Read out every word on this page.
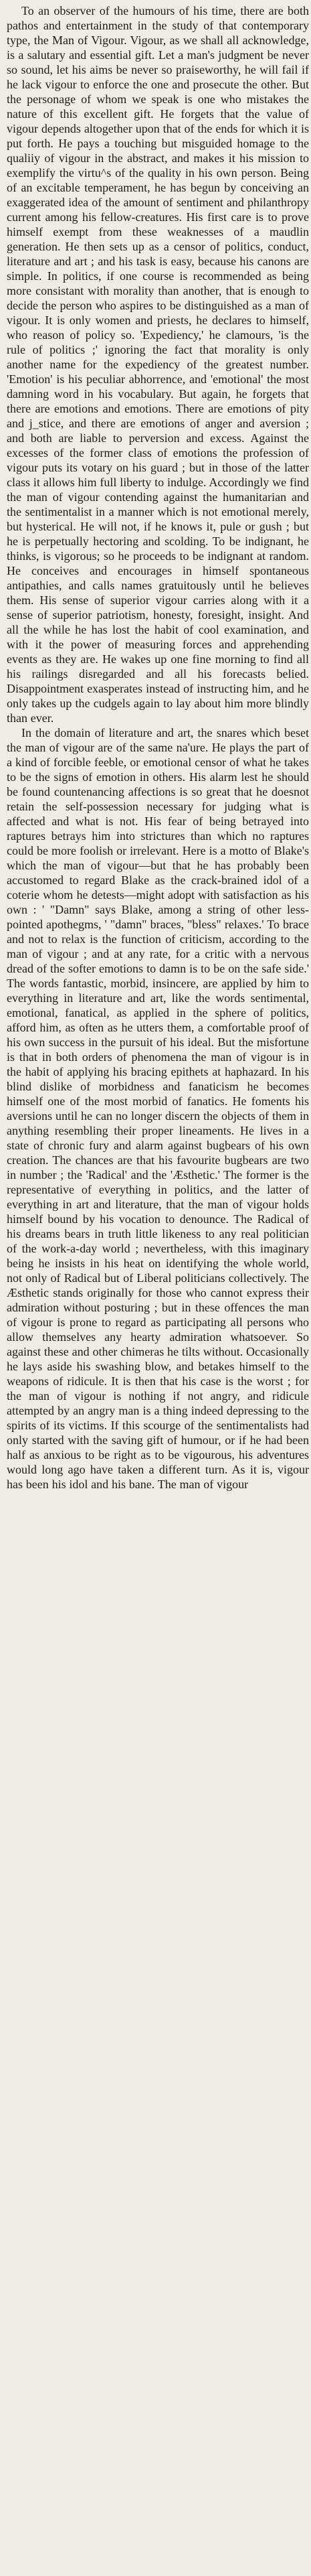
To an observer of the humours of his time, there are both pathos and entertainment in the study of that contemporary type, the Man of Vigour. Vigour, as we shall all acknowledge, is a salutary and essential gift. Let a man's judgment be never so sound, let his aims be never so praiseworthy, he will fail if he lack vigour to enforce the one and prosecute the other. But the personage of whom we speak is one who mistakes the nature of this excellent gift. He forgets that the value of vigour depends altogether upon that of the ends for which it is put forth. He pays a touching but misguided homage to the qualiiy of vigour in the abstract, and makes it his mission to exemplify the virtu^s of the quality in his own person. Being of an excitable temperament, he has begun by conceiving an exaggerated idea of the amount of sentiment and philanthropy current among his fellow-creatures. His first care is to prove himself exempt from these weaknesses of a maudlin generation. He then sets up as a censor of politics, conduct, literature and art ; and his task is easy, because his canons are simple. In politics, if one course is recommended as being more consistant with morality than another, that is enough to decide the person who aspires to be distinguished as a man of vigour. It is only women and priests, he declares to himself, who reason of policy so. 'Expediency,' he clamours, 'is the rule of politics ;' ignoring the fact that morality is only another name for the expediency of the greatest number. 'Emotion' is his peculiar abhorrence, and 'emotional' the most damning word in his vocabulary. But again, he forgets that there are emotions and emotions. There are emotions of pity and j_stice, and there are emotions of anger and aversion ; and both are liable to perversion and excess. Against the excesses of the former class of emotions the profession of vigour puts its votary on his guard ; but in those of the latter class it allows him full liberty to indulge. Accordingly we find the man of vigour contending against the humanitarian and the sentimentalist in a manner which is not emotional merely, but hysterical. He will not, if he knows it, pule or gush ; but he is perpetually hectoring and scolding. To be indignant, he thinks, is vigorous; so he proceeds to be indignant at random. He conceives and encourages in himself spontaneous antipathies, and calls names gratuitously until he believes them. His sense of superior vigour carries along with it a sense of superior patriotism, honesty, foresight, insight. And all the while he has lost the habit of cool examination, and with it the power of measuring forces and apprehending events as they are. He wakes up one fine morning to find all his railings disregarded and all his forecasts belied. Disappointment exasperates instead of instructing him, and he only takes up the cudgels again to lay about him more blindly than ever.

In the domain of literature and art, the snares which beset the man of vigour are of the same na'ure. He plays the part of a kind of forcible feeble, or emotional censor of what he takes to be the signs of emotion in others. His alarm lest he should be found countenancing affections is so great that he doesnot retain the self-possession necessary for judging what is affected and what is not. His fear of being betrayed into raptures betrays him into strictures than which no raptures could be more foolish or irrelevant. Here is a motto of Blake's which the man of vigour—but that he has probably been accustomed to regard Blake as the crack-brained idol of a coterie whom he detests—might adopt with satisfaction as his own : ' "Damn" says Blake, among a string of other less-pointed apothegms, ' "damn" braces, "bless" relaxes.' To brace and not to relax is the function of criticism, according to the man of vigour ; and at any rate, for a critic with a nervous dread of the softer emotions to damn is to be on the safe side.' The words fantastic, morbid, insincere, are applied by him to everything in literature and art, like the words sentimental, emotional, fanatical, as applied in the sphere of politics, afford him, as often as he utters them, a comfortable proof of his own success in the pursuit of his ideal. But the misfortune is that in both orders of phenomena the man of vigour is in the habit of applying his bracing epithets at haphazard. In his blind dislike of morbidness and fanaticism he becomes himself one of the most morbid of fanatics. He foments his aversions until he can no longer discern the objects of them in anything resembling their proper lineaments. He lives in a state of chronic fury and alarm against bugbears of his own creation. The chances are that his favourite bugbears are two in number ; the 'Radical' and the 'Æsthetic.' The former is the representative of everything in politics, and the latter of everything in art and literature, that the man of vigour holds himself bound by his vocation to denounce. The Radical of his dreams bears in truth little likeness to any real politician of the work-a-day world ; nevertheless, with this imaginary being he insists in his heat on identifying the whole world, not only of Radical but of Liberal politicians collectively. The Æsthetic stands originally for those who cannot express their admiration without posturing ; but in these offences the man of vigour is prone to regard as participating all persons who allow themselves any hearty admiration whatsoever. So against these and other chimeras he tilts without. Occasionally he lays aside his swashing blow, and betakes himself to the weapons of ridicule. It is then that his case is the worst ; for the man of vigour is nothing if not angry, and ridicule attempted by an angry man is a thing indeed depressing to the spirits of its victims. If this scourge of the sentimentalists had only started with the saving gift of humour, or if he had been half as anxious to be right as to be vigourous, his adventures would long ago have taken a different turn. As it is, vigour has been his idol and his bane. The man of vigour
